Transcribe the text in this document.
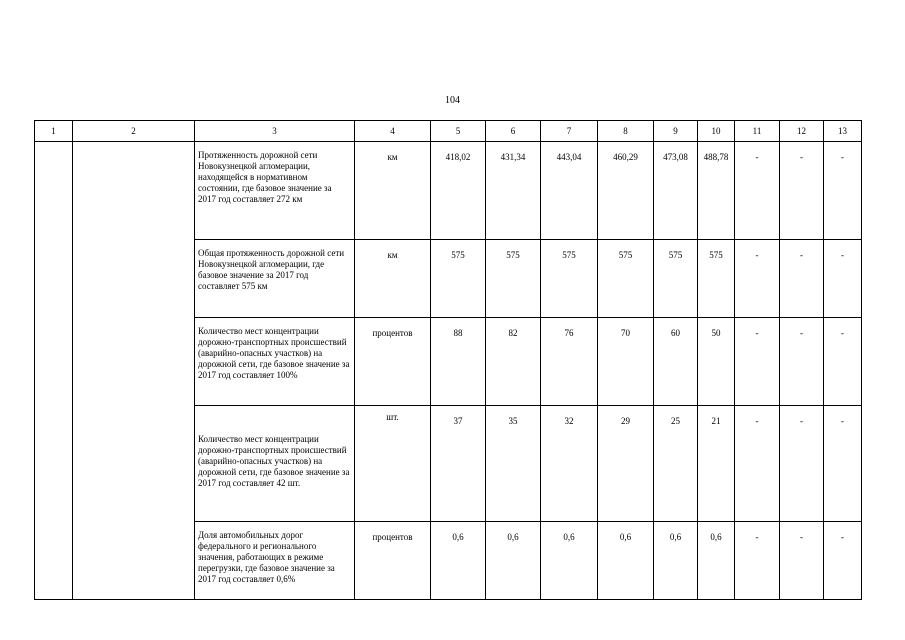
104
1	2	3	4	5	6	7	8	9	10	11	12	13
		Протяженность дорожной сети Новокузнецкой агломерации, находящейся в нормативном состоянии, где базовое значение за 2017 год составляет 272 км	км	418,02	431,34	443,04	460,29	473,08	488,78	-	-	-
		Общая протяженность дорожной сети Новокузнецкой агломерации, где базовое значение за 2017 год составляет 575 км	км	575	575	575	575	575	575	-	-	-
		Количество мест концентрации дорожно-транспортных происшествий (аварийно-опасных участков) на дорожной сети, где базовое значение за 2017 год составляет 100%	процентов	88	82	76	70	60	50	-	-	-
		Количество мест концентрации дорожно-транспортных происшествий (аварийно-опасных участков) на дорожной сети, где базовое значение за 2017 год составляет 42 шт.	шт.	37	35	32	29	25	21	-	-	-
		Доля автомобильных дорог федерального и регионального значения, работающих в режиме перегрузки, где базовое значение за 2017 год составляет 0,6%	процентов	0,6	0,6	0,6	0,6	0,6	0,6	-	-	-
